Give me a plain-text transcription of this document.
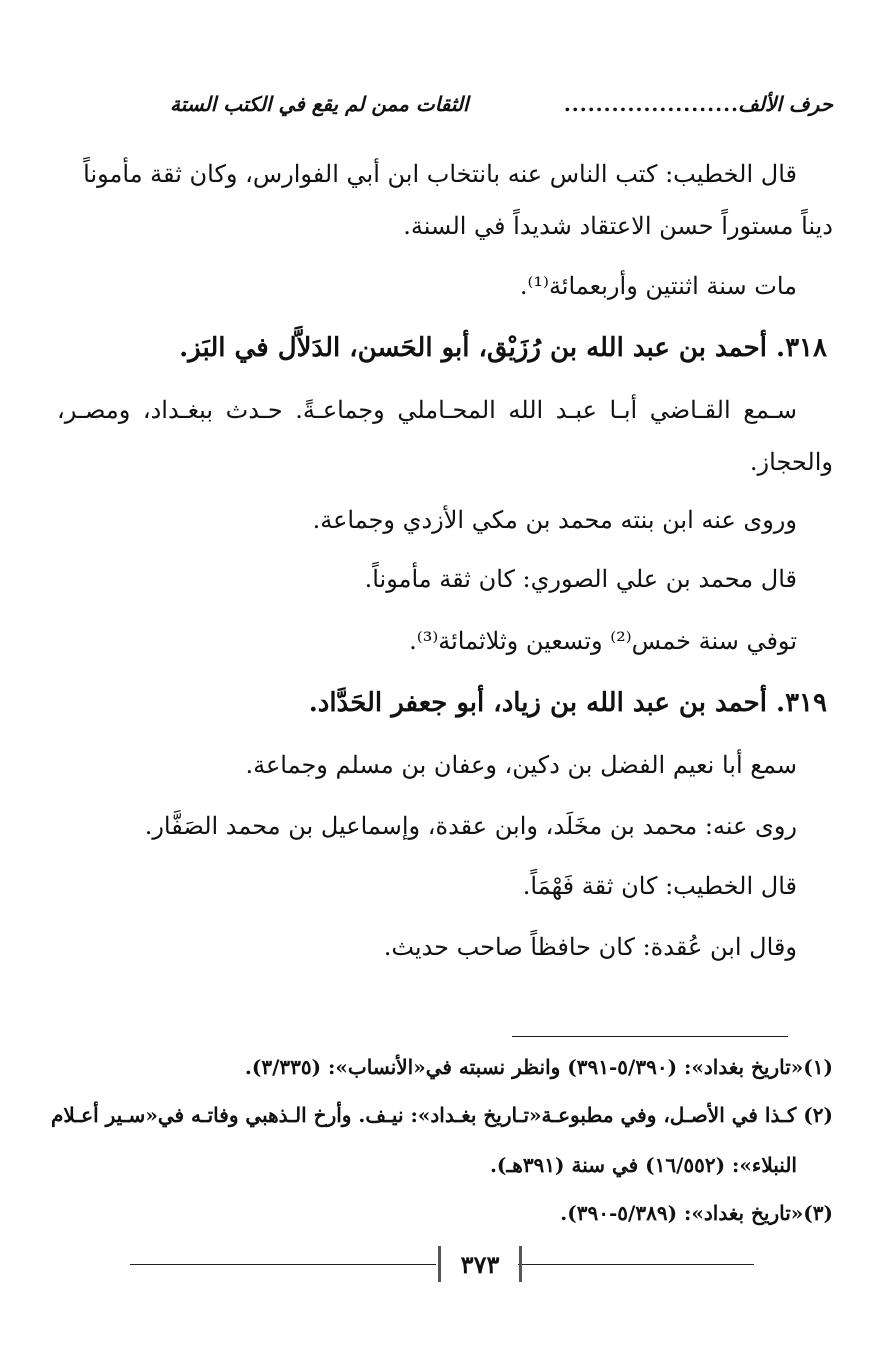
حرف الألف
......................
الثقات ممن لم يقع في الكتب الستة
قال الخطيب: كتب الناس عنه بانتخاب ابن أبي الفوارس، وكان ثقة مأموناً
ديناً مستوراً حسن الاعتقاد شديداً في السنة.
مات سنة اثنتين وأربعمائة⁽¹⁾.
٣١٨. أحمد بن عبد الله بن رُزَيْق، أبو الحَسن، الدَلاَّل في البَز.
سـمع القـاضي أبـا عبـد الله المحـاملي وجماعـةً. حـدث ببغـداد، ومصـر،
والحجاز.
وروى عنه ابن بنته محمد بن مكي الأزدي وجماعة.
قال محمد بن علي الصوري: كان ثقة مأموناً.
توفي سنة خمس⁽²⁾ وتسعين وثلاثمائة⁽³⁾.
٣١٩. أحمد بن عبد الله بن زياد، أبو جعفر الحَدَّاد.
سمع أبا نعيم الفضل بن دكين، وعفان بن مسلم وجماعة.
روى عنه: محمد بن مخَلَد، وابن عقدة، وإسماعيل بن محمد الصَفَّار.
قال الخطيب: كان ثقة فَهْمَاً.
وقال ابن عُقدة: كان حافظاً صاحب حديث.
(١)«تاريخ بغداد»: (٥/٣٩٠-٣٩١) وانظر نسبته في«الأنساب»: (٣/٣٣٥).
(٢) كـذا في الأصـل، وفي مطبوعـة«تـاريخ بغـداد»: نيـف. وأرخ الـذهبي وفاتـه في«سـير أعـلام
النبلاء»: (١٦/٥٥٢) في سنة (٣٩١هـ).
(٣)«تاريخ بغداد»: (٥/٣٨٩-٣٩٠).
٣٧٣
